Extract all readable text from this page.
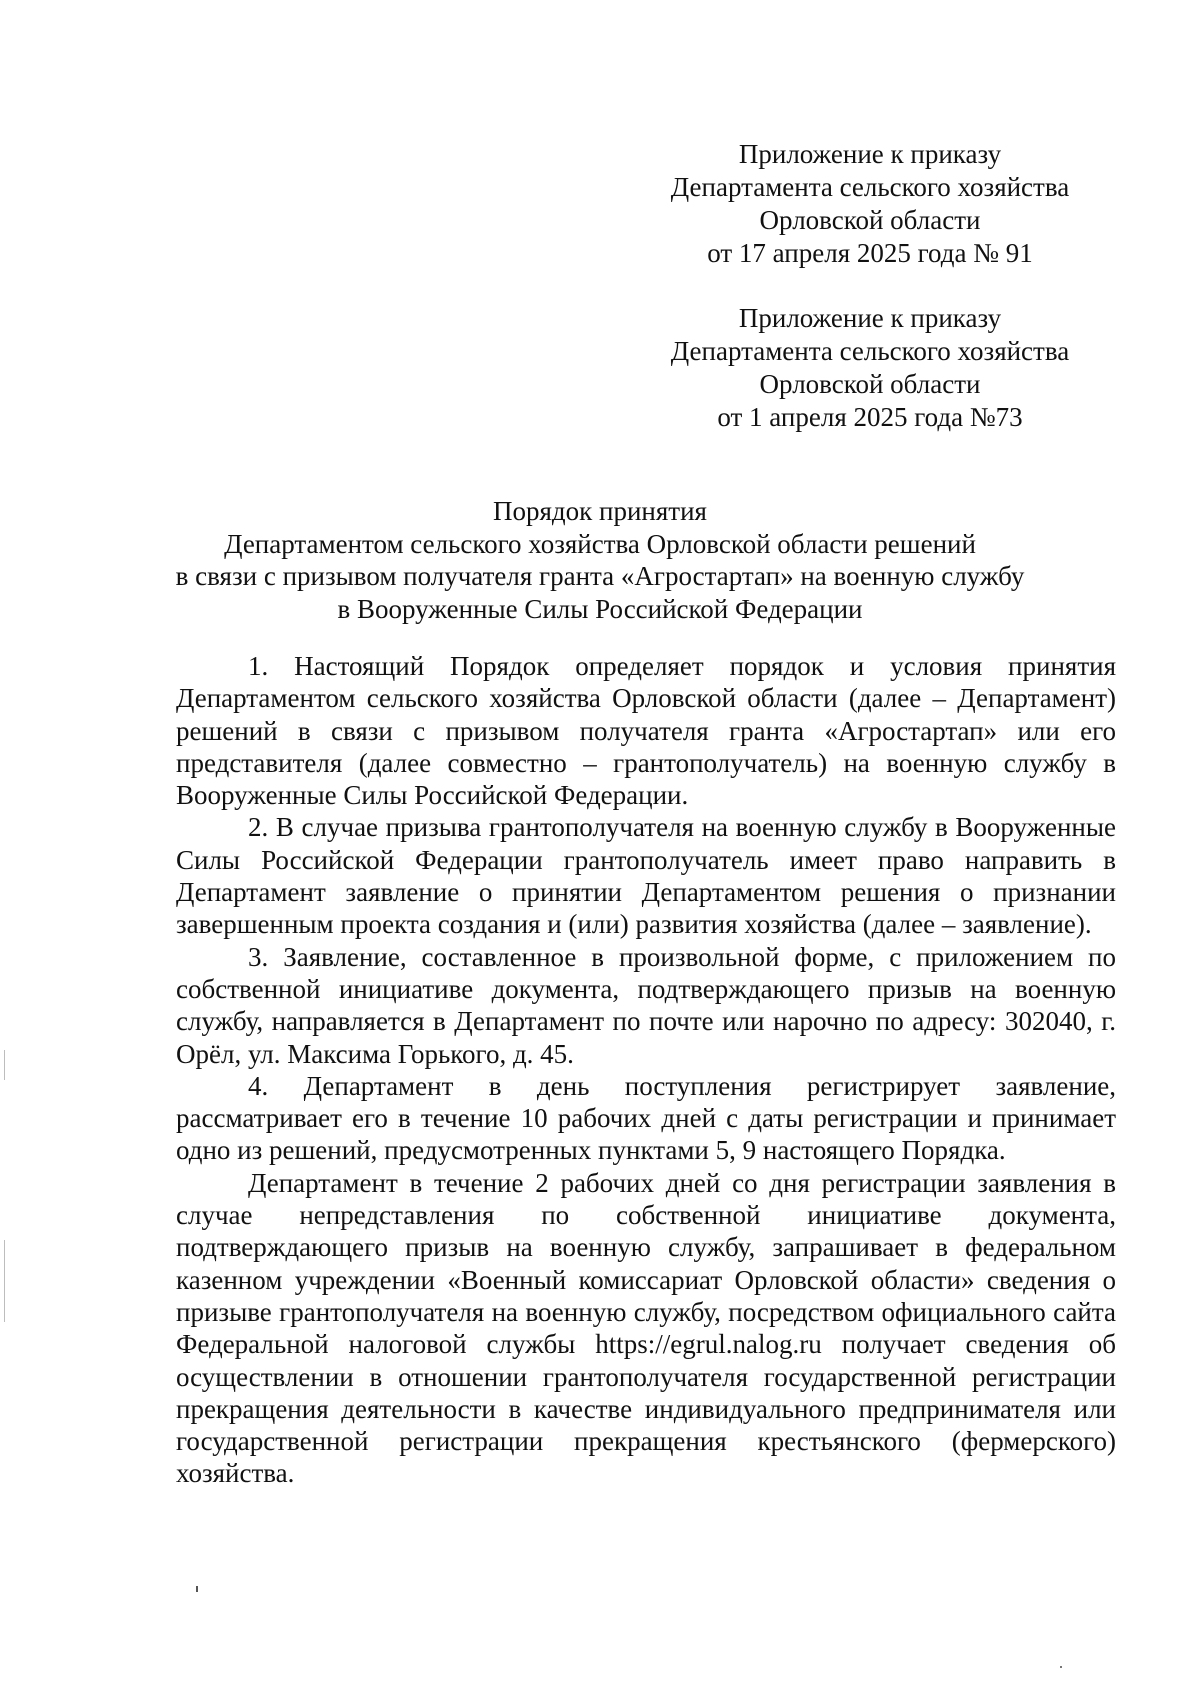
Приложение к приказу
Департамента сельского хозяйства
Орловской области
от 17 апреля 2025 года № 91
Приложение к приказу
Департамента сельского хозяйства
Орловской области
от 1 апреля 2025 года №73
Порядок принятия
Департаментом сельского хозяйства Орловской области решений
в связи с призывом получателя гранта «Агростартап» на военную службу
в Вооруженные Силы Российской Федерации

1. Настоящий Порядок определяет порядок и условия принятия Департаментом сельского хозяйства Орловской области (далее – Департамент) решений в связи с призывом получателя гранта «Агростартап» или его представителя (далее совместно – грантополучатель) на военную службу в Вооруженные Силы Российской Федерации.

2. В случае призыва грантополучателя на военную службу в Вооруженные Силы Российской Федерации грантополучатель имеет право направить в Департамент заявление о принятии Департаментом решения о признании завершенным проекта создания и (или) развития хозяйства (далее – заявление).

3. Заявление, составленное в произвольной форме, с приложением по собственной инициативе документа, подтверждающего призыв на военную службу, направляется в Департамент по почте или нарочно по адресу: 302040, г. Орёл, ул. Максима Горького, д. 45.

4. Департамент в день поступления регистрирует заявление, рассматривает его в течение 10 рабочих дней с даты регистрации и принимает одно из решений, предусмотренных пунктами 5, 9 настоящего Порядка.

Департамент в течение 2 рабочих дней со дня регистрации заявления в случае непредставления по собственной инициативе документа, подтверждающего призыв на военную службу, запрашивает в федеральном казенном учреждении «Военный комиссариат Орловской области» сведения о призыве грантополучателя на военную службу, посредством официального сайта Федеральной налоговой службы https://egrul.nalog.ru получает сведения об осуществлении в отношении грантополучателя государственной регистрации прекращения деятельности в качестве индивидуального предпринимателя или государственной регистрации прекращения крестьянского (фермерского) хозяйства.
